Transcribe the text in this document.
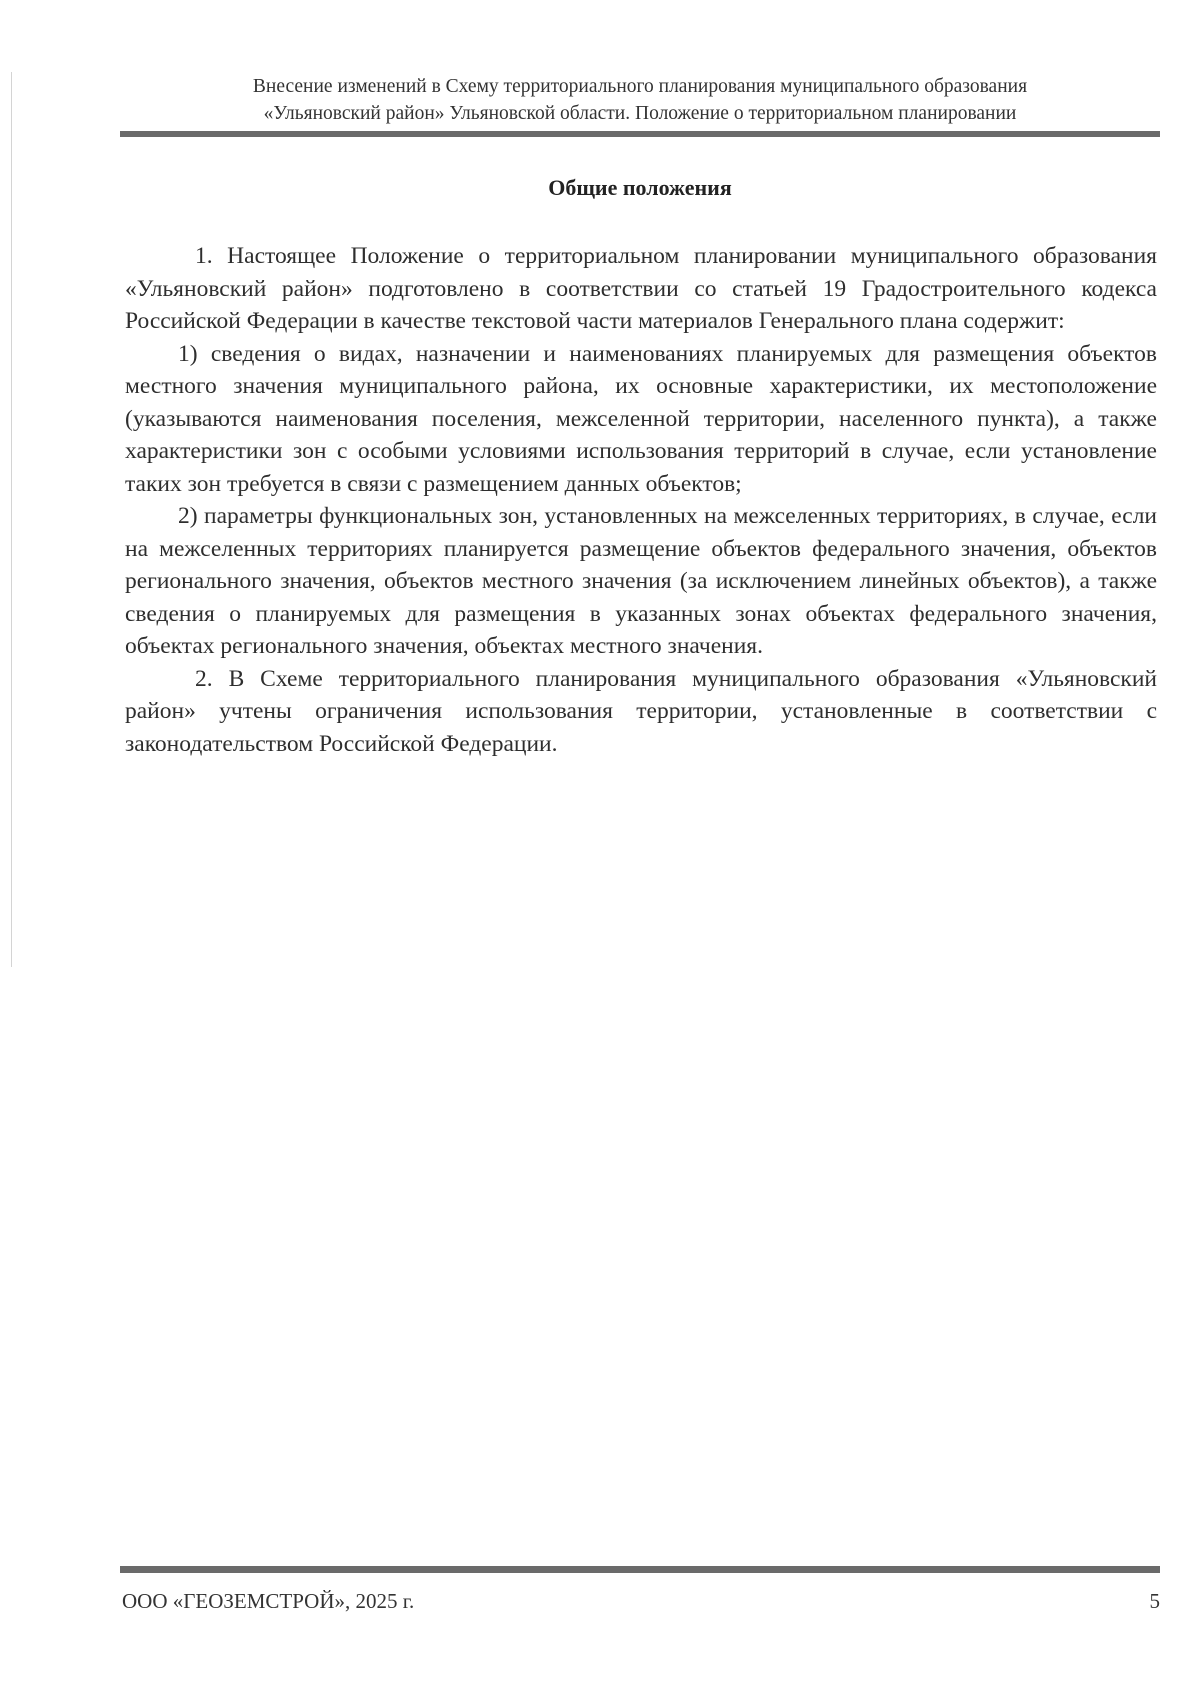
Внесение изменений в Схему территориального планирования муниципального образования
«Ульяновский район» Ульяновской области. Положение о территориальном планировании
Общие положения

1. Настоящее Положение о территориальном планировании муниципального образования «Ульяновский район» подготовлено в соответствии со статьей 19 Градостроительного кодекса Российской Федерации в качестве текстовой части материалов Генерального плана содержит:

1) сведения о видах, назначении и наименованиях планируемых для размещения объектов местного значения муниципального района, их основные характеристики, их местоположение (указываются наименования поселения, межселенной территории, населенного пункта), а также характеристики зон с особыми условиями использования территорий в случае, если установление таких зон требуется в связи с размещением данных объектов;

2) параметры функциональных зон, установленных на межселенных территориях, в случае, если на межселенных территориях планируется размещение объектов федерального значения, объектов регионального значения, объектов местного значения (за исключением линейных объектов), а также сведения о планируемых для размещения в указанных зонах объектах федерального значения, объектах регионального значения, объектах местного значения.

2. В Схеме территориального планирования муниципального образования «Ульяновский район» учтены ограничения использования территории, установленные в соответствии с законодательством Российской Федерации.

ООО «ГЕОЗЕМСТРОЙ», 2025 г.	5
